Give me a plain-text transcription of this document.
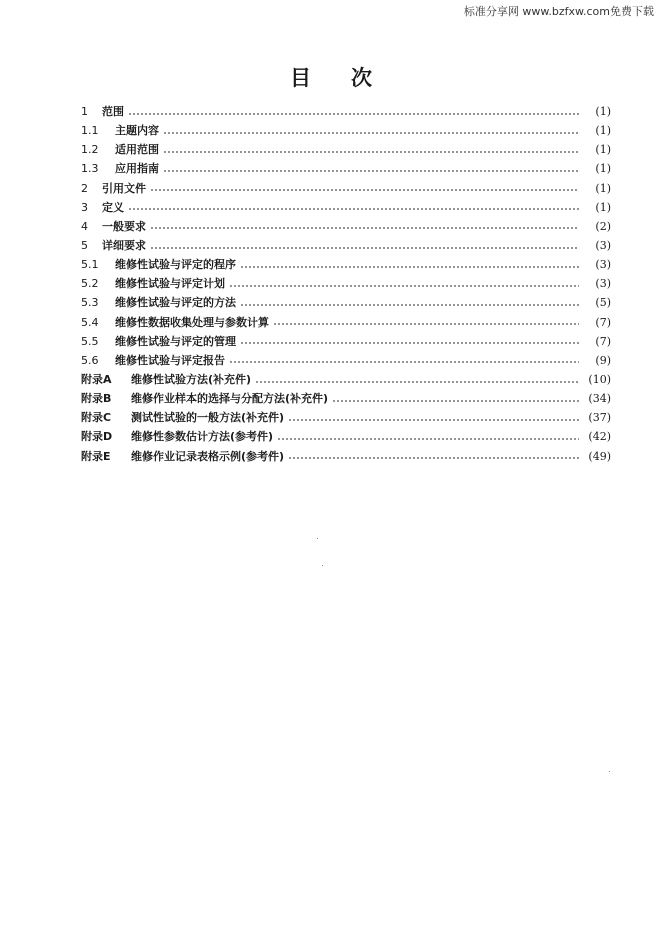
标准分享网 www.bzfxw.com免费下载
目 次
1	范围	(1)
1.1	主题内容	(1)
1.2	适用范围	(1)
1.3	应用指南	(1)
2	引用文件	(1)
3	定义	(1)
4	一般要求	(2)
5	详细要求	(3)
5.1	维修性试验与评定的程序	(3)
5.2	维修性试验与评定计划	(3)
5.3	维修性试验与评定的方法	(5)
5.4	维修性数据收集处理与参数计算	(7)
5.5	维修性试验与评定的管理	(7)
5.6	维修性试验与评定报告	(9)
附录A	维修性试验方法(补充件)	(10)
附录B	维修作业样本的选择与分配方法(补充件)	(34)
附录C	测试性试验的一般方法(补充件)	(37)
附录D	维修性参数估计方法(参考件)	(42)
附录E	维修作业记录表格示例(参考件)	(49)
